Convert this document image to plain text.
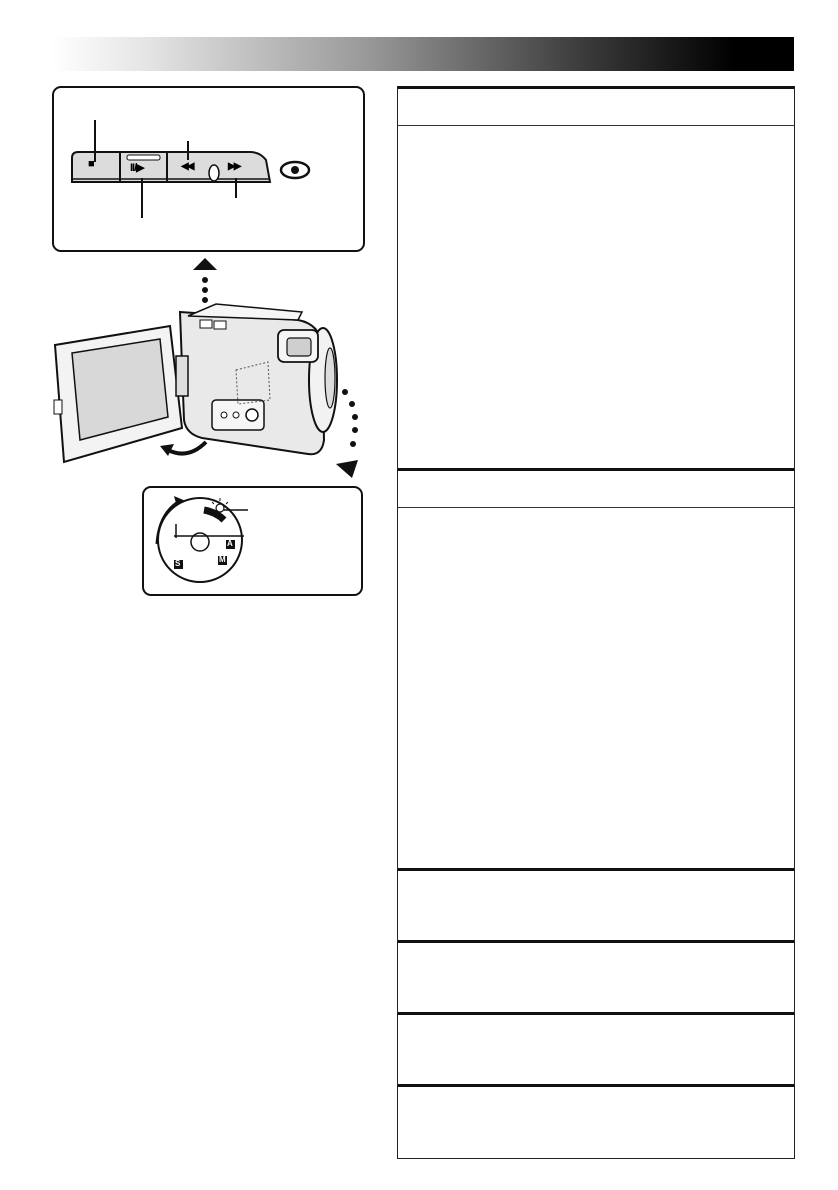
■	II/▶	◀◀	▶▶
S	M
A
